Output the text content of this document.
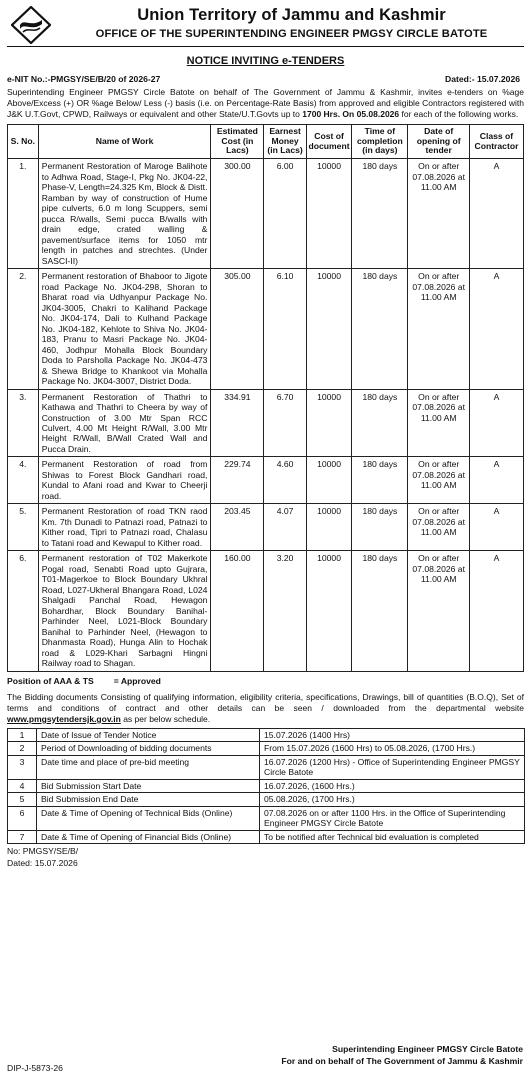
Union Territory of Jammu and Kashmir
OFFICE OF THE SUPERINTENDING ENGINEER PMGSY CIRCLE BATOTE
NOTICE INVITING e-TENDERS
e-NIT No.:-PMGSY/SE/B/20 of 2026-27	Dated:- 15.07.2026

Superintending Engineer PMGSY Circle Batote on behalf of The Government of Jammu & Kashmir, invites e-tenders on %age Above/Excess (+) OR %age Below/ Less (-) basis (i.e. on Percentage-Rate Basis) from approved and eligible Contractors registered with J&K U.T.Govt, CPWD, Railways or equivalent and other State/U.T.Govts up to 1700 Hrs. On 05.08.2026 for each of the following works.

S. No.	Name of Work	Estimated Cost (in Lacs)	Earnest Money (in Lacs)	Cost of document	Time of completion (in days)	Date of opening of tender	Class of Contractor
1.	Permanent Restoration of Maroge Balihote to Adhwa Road, Stage-I, Pkg No. JK04-22, Phase-V, Length=24.325 Km, Block & Distt. Ramban by way of construction of Hume pipe culverts, 6.0 m long Scuppers, semi pucca R/walls, Semi pucca B/walls with drain edge, crated walling & pavement/surface items for 1050 mtr length in patches and strechtes. (Under SASCI-II)	300.00	6.00	10000	180 days	On or after 07.08.2026 at 11.00 AM	A
2.	Permanent restoration of Bhaboor to Jigote road Package No. JK04-298, Shoran to Bharat road via Udhyanpur Package No. JK04-3005, Chakri to Kalihand Package No. JK04-174, Dali to Kulhand Package No. JK04-182, Kehlote to Shiva No. JK04-183, Pranu to Masri Package No. JK04-460, Jodhpur Mohalla Block Boundary Doda to Parsholla Package No. JK04-473 & Shewa Bridge to Khankoot via Mohalla Package No. JK04-3007, District Doda.	305.00	6.10	10000	180 days	On or after 07.08.2026 at 11.00 AM	A
3.	Permanent Restoration of Thathri to Kathawa and Thathri to Cheera by way of Construction of 3.00 Mtr Span RCC Culvert, 4.00 Mt Height R/Wall, 3.00 Mtr Height R/Wall, B/Wall Crated Wall and Pucca Drain.	334.91	6.70	10000	180 days	On or after 07.08.2026 at 11.00 AM	A
4.	Permanent Restoration of road from Shiwas to Forest Block Gandhari road, Kundal to Afani road and Kwar to Cheerji road.	229.74	4.60	10000	180 days	On or after 07.08.2026 at 11.00 AM	A
5.	Permanent Restoration of road TKN raod Km. 7th Dunadi to Patnazi road, Patnazi to Kither road, Tipri to Patnazi road, Chalasu to Tatani road and Kewapul to Kither road.	203.45	4.07	10000	180 days	On or after 07.08.2026 at 11.00 AM	A
6.	Permanent restoration of T02 Makerkote Pogal road, Senabti Road upto Gujrara, T01-Magerkoe to Block Boundary Ukhral Road, L027-Ukheral Bhangara Road, L024 Shalgadi Panchal Road, Hewagon Bohardhar, Block Boundary Banihal-Parhinder Neel, L021-Block Boundary Banihal to Parhinder Neel, (Hewagon to Dhanmasta Road), Hunga Alin to Hochak road & L029-Khari Sarbagni Hingni Railway road to Shagan.	160.00	3.20	10000	180 days	On or after 07.08.2026 at 11.00 AM	A
Position of AAA & TS = Approved

The Bidding documents Consisting of qualifying information, eligibility criteria, specifications, Drawings, bill of quantities (B.O.Q), Set of terms and conditions of contract and other details can be seen / downloaded from the departmental website www.pmgsytendersjk.gov.in as per below schedule.

1	Date of Issue of Tender Notice	15.07.2026 (1400 Hrs)
2	Period of Downloading of bidding documents	From 15.07.2026 (1600 Hrs) to 05.08.2026, (1700 Hrs.)
3	Date time and place of pre-bid meeting	16.07.2026 (1200 Hrs) - Office of Superintending Engineer PMGSY Circle Batote
4	Bid Submission Start Date	16.07.2026, (1600 Hrs.)
5	Bid Submission End Date	05.08.2026, (1700 Hrs.)
6	Date & Time of Opening of Technical Bids (Online)	07.08.2026 on or after 1100 Hrs. in the Office of Superintending Engineer PMGSY Circle Batote
7	Date & Time of Opening of Financial Bids (Online)	To be notified after Technical bid evaluation is completed
No: PMGSY/SE/B/
Dated: 15.07.2026
Superintending Engineer PMGSY Circle Batote
For and on behalf of The Government of Jammu & Kashmir
DIP-J-5873-26
